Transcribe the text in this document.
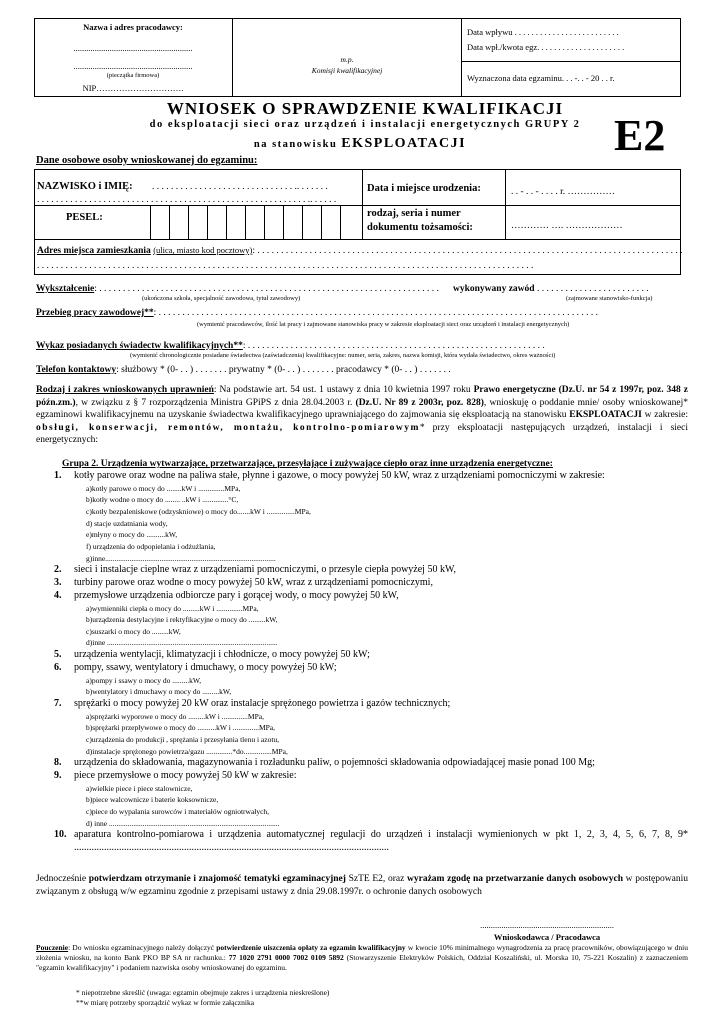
Nazwa i adres pracodawcy:
........................................................
........................................................
(pieczątka firmowa)
NIP………………………….
m.p.
Komisji kwalifikacyjnej
Data wpływu . . . . . . . . . . . . . . . . . . . . . . . . .
Data wpł./kwota egz. . . . . . . . . . . . . . . . . . . . .
Wyznaczona data egzaminu. . . -. . - 20 . . r.
WNIOSEK O SPRAWDZENIE KWALIFIKACJI
do eksploatacji sieci oraz urządzeń i instalacji energetycznych GRUPY 2
na stanowisku EKSPLOATACJI	E2
Dane osobowe osoby wnioskowanej do egzaminu:
NAZWISKO i IMIĘ: . . . . . . . . . . . . . . . . . . . . . . . . . . . . . . .. . . . . . .
. . . . . . . . . . . . . . . . . . . . . . . . . . . . . . . . . . . . . . . . . . . . . . . . . . . . . . . . . .. . . . . .
Data i miejsce urodzenia:	. . - . . - . . . . r. ……………
PESEL:	rodzaj, seria i numer
dokumentu tożsamości:	………… …. ………………
Adres miejsca zamieszkania (ulica, miasto kod pocztowy): . . . . . . . . . . . . . . . . . . . . . . . . . . . . . . . . . . . . . . . . . . . . . . . . . . . . . . . . . . . . . . . . . . . . . . . . . . . . . . . . . . . . . . . . . .
. . . . . . . . . . . . . . . . . . . . . . . . . . . . . . . . . . . . . . . . . . . . . . . . . . . . . . . . . . . . . . . . . . . . . . . . . . . . . . . . . . . . . . . . . . . . . . . . . . . . . . . . .
Wykształcenie: . . . . . . . . . . . . . . . . . . . . . . . . . . . . . . . . . . . . . . . . . . . . . . . . . . . . . . . . . . . . . . . . . . . . . . . .
(ukończona szkoła, specjalność zawodowa, tytuł zawodowy)
wykonywany zawód . . . . . . . . . . . . . . . . . . . . . . . .
(zajmowane stanowisko-funkcja)
Przebieg pracy zawodowej**: . . . . . . . . . . . . . . . . . . . . . . . . . . . . . . . . . . . . . . . . . . . . . . . . . . . . . . . . . . . . . . . . . . . . . . . . . . . . . . . . . . . . . . . . . . . . .
(wymienić pracodawców, ilość lat pracy i zajmowane stanowiska pracy w zakresie eksploatacji sieci oraz urządzeń i instalacji energetycznych)
Wykaz posiadanych świadectw kwalifikacyjnych**: . . . . . . . . . . . . . . . . . . . . . . . . . . . . . . . . . . . . . . . . . . . . . . . . . . . . . . . . . . . . . . .
(wymienić chronologicznie posiadane świadectwa (zaświadczenia) kwalifikacyjne: numer, seria, zakres, nazwa komisji, która wydała świadectwo, okres ważności)
Telefon kontaktowy: służbowy * (0- . . ) . . . . . . . prywatny * (0- . . ) . . . . . . . pracodawcy * (0- . . ) . . . . . . .
Rodzaj i zakres wnioskowanych uprawnień: Na podstawie art. 54 ust. 1 ustawy z dnia 10 kwietnia 1997 roku Prawo energetyczne (Dz.U. nr 54 z 1997r, poz. 348 z późn.zm.), w związku z § 7 rozporządzenia Ministra GPiPS z dnia 28.04.2003 r. (Dz.U. Nr 89 z 2003r, poz. 828), wnioskuję o poddanie mnie/ osoby wnioskowanej* egzaminowi kwalifikacyjnemu na uzyskanie świadectwa kwalifikacyjnego uprawniającego do zajmowania się eksploatacją na stanowisku EKSPLOATACJI w zakresie: obsługi, konserwacji, remontów, montażu, kontrolno-pomiarowym* przy eksploatacji następujących urządzeń, instalacji i sieci energetycznych:
Grupa 2. Urządzenia wytwarzające, przetwarzające, przesyłające i zużywające ciepło oraz inne urządzenia energetyczne:
1. kotły parowe oraz wodne na paliwa stałe, płynne i gazowe, o mocy powyżej 50 kW, wraz z urządzeniami pomocniczymi w zakresie:
a)kotły parowe o mocy do ........kW i ..............MPa,
b)kotły wodne o mocy do ........ ..kW i ..............°C,
c)kotły bezpaleniskowe (odzyskniowe) o mocy do.......kW i ...............MPa,
d) stacje uzdatniania wody,
e)młyny o mocy do ..........kW,
f) urządzenia do odpopielania i odżużlania,
g)inne...........................................................................................
2. sieci i instalacje cieplne wraz z urządzeniami pomocniczymi, o przesyle ciepła powyżej 50 kW,
3. turbiny parowe oraz wodne o mocy powyżej 50 kW, wraz z urządzeniami pomocniczymi,
4. przemysłowe urządzenia odbiorcze pary i gorącej wody, o mocy powyżej 50 kW,
a)wymienniki ciepła o mocy do .........kW i ..............MPa,
b)urządzenia destylacyjne i rektyfikacyjne o mocy do .........kW,
c)suszarki o mocy do .........kW,
d)inne ...........................................................................................
5. urządzenia wentylacji, klimatyzacji i chłodnicze, o mocy powyżej 50 kW;
6. pompy, ssawy, wentylatory i dmuchawy, o mocy powyżej 50 kW;
a)pompy i ssawy o mocy do .........kW,
b)wentylatory i dmuchawy o mocy do .........kW,
7. sprężarki o mocy powyżej 20 kW oraz instalacje sprężonego powietrza i gazów technicznych;
a)sprężarki wyporowe o mocy do .........kW i ..............MPa,
b)sprężarki przepływowe o mocy do ..........kW i ..............MPa,
c)urządzenia do produkcji , sprężania i przesyłania tlenu i azotu,
d)instalacje sprężonego powietrza/gazu ..............*do...............MPa,
8. urządzenia do składowania, magazynowania i rozładunku paliw, o pojemności składowania odpowiadającej masie ponad 100 Mg;
9. piece przemysłowe o mocy powyżej 50 kW w zakresie:
a)wielkie piece i piece stalownicze,
b)piece walcownicze i baterie koksownicze,
c)piece do wypalania surowców i materiałów ogniotrwałych,
d) inne ...........................................................................................
10. aparatura kontrolno-pomiarowa i urządzenia automatycznej regulacji do urządzeń i instalacji wymienionych w pkt 1, 2, 3, 4, 5, 6, 7, 8, 9* ..............................................................................................................................
Jednocześnie potwierdzam otrzymanie i znajomość tematyki egzaminacyjnej SzTE E2, oraz wyrażam zgodę na przetwarzanie danych osobowych w postępowaniu związanym z obsługą w/w egzaminu zgodnie z przepisami ustawy z dnia 29.08.1997r. o ochronie danych osobowych
...............................................................
Wnioskodawca / Pracodawca
Pouczenie: Do wniosku egzaminacyjnego należy dołączyć potwierdzenie uiszczenia opłaty za egzamin kwalifikacyjny w kwocie 10% minimalnego wynagrodzenia za pracę pracowników, obowiązującego w dniu złożenia wniosku, na konto Bank PKO BP SA nr rachunku.: 77 1020 2791 0000 7002 0109 5892 (Stowarzyszenie Elektryków Polskich, Oddział Koszaliński, ul. Morska 10, 75-221 Koszalin) z zaznaczeniem "egzamin kwalifikacyjny" i podaniem nazwiska osoby wnioskowanej do egzaminu.
* niepotrzebne skreślić (uwaga: egzamin obejmuje zakres i urządzenia nieskreślone)
**w miarę potrzeby sporządzić wykaz w formie załącznika
